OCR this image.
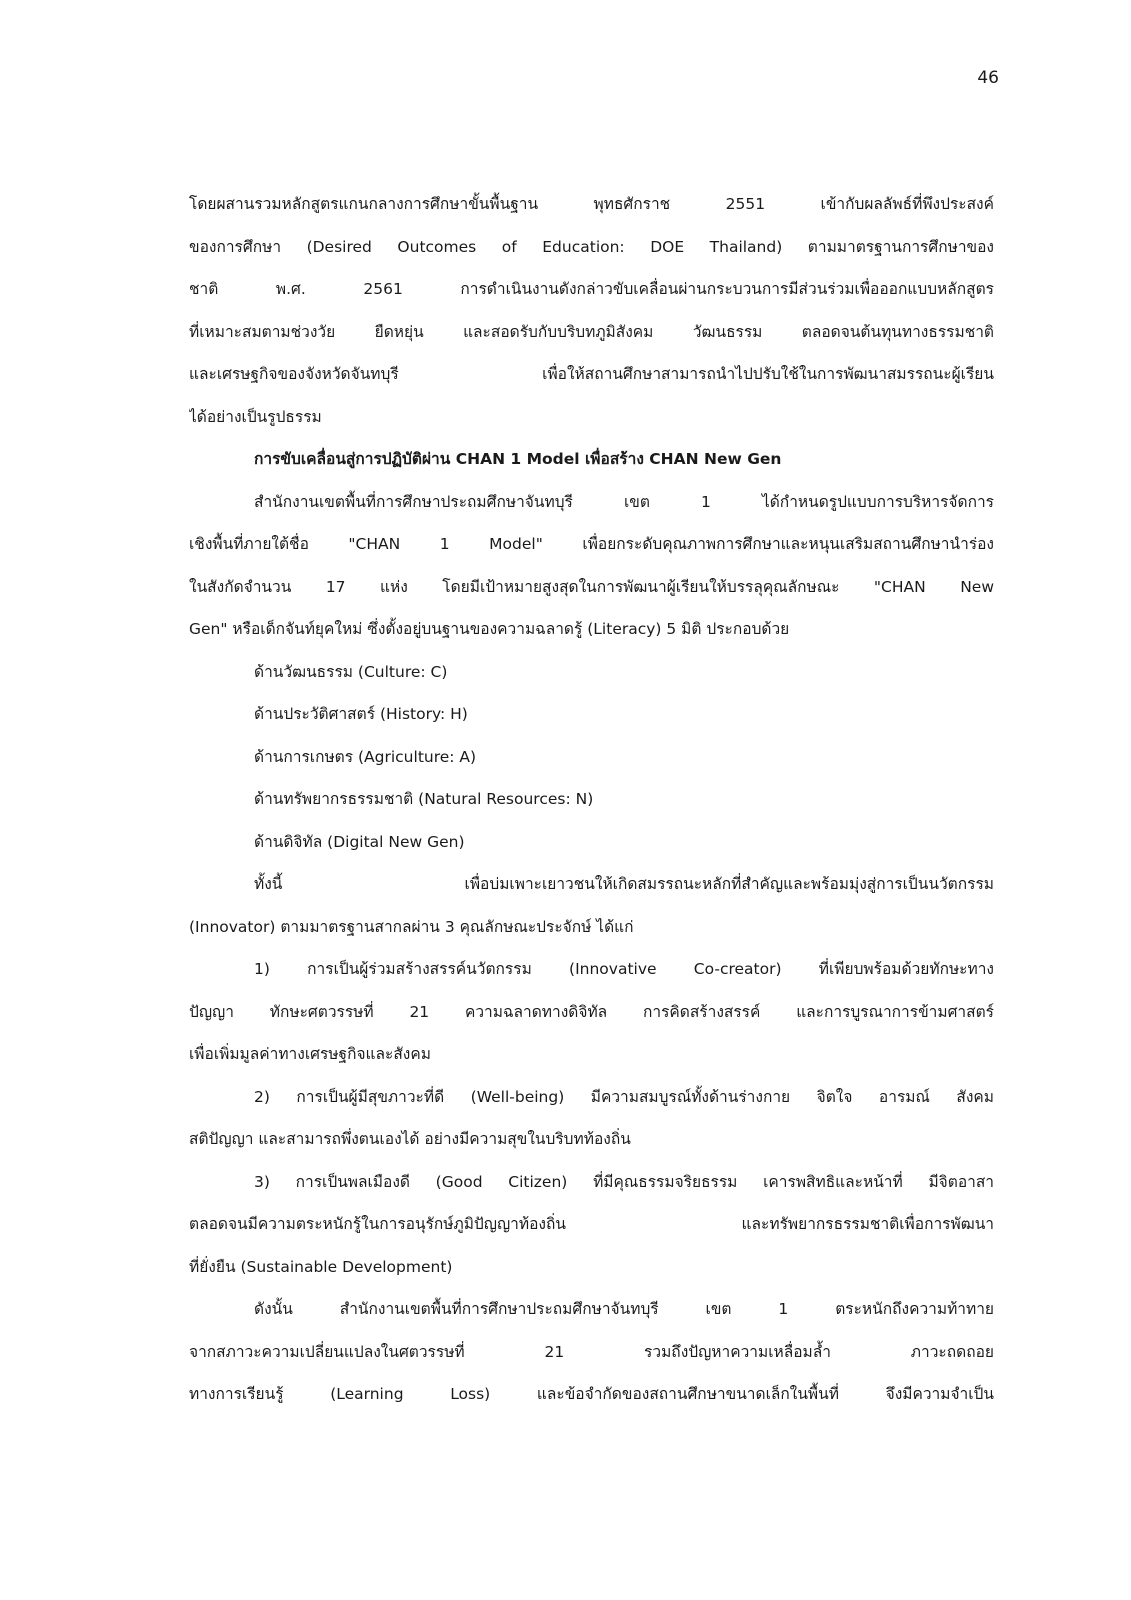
46
โดยผสานรวมหลักสูตรแกนกลางการศึกษาขั้นพื้นฐาน พุทธศักราช 2551 เข้ากับผลลัพธ์ที่พึงประสงค์
ของการศึกษา (Desired Outcomes of Education: DOE Thailand) ตามมาตรฐานการศึกษาของ
ชาติ พ.ศ. 2561 การดำเนินงานดังกล่าวขับเคลื่อนผ่านกระบวนการมีส่วนร่วมเพื่อออกแบบหลักสูตร
ที่เหมาะสมตามช่วงวัย ยืดหยุ่น และสอดรับกับบริบทภูมิสังคม วัฒนธรรม ตลอดจนต้นทุนทางธรรมชาติ
และเศรษฐกิจของจังหวัดจันทบุรี เพื่อให้สถานศึกษาสามารถนำไปปรับใช้ในการพัฒนาสมรรถนะผู้เรียน
ได้อย่างเป็นรูปธรรม
การขับเคลื่อนสู่การปฏิบัติผ่าน CHAN 1 Model เพื่อสร้าง CHAN New Gen
สำนักงานเขตพื้นที่การศึกษาประถมศึกษาจันทบุรี เขต 1 ได้กำหนดรูปแบบการบริหารจัดการ
เชิงพื้นที่ภายใต้ชื่อ "CHAN 1 Model" เพื่อยกระดับคุณภาพการศึกษาและหนุนเสริมสถานศึกษานำร่อง
ในสังกัดจำนวน 17 แห่ง โดยมีเป้าหมายสูงสุดในการพัฒนาผู้เรียนให้บรรลุคุณลักษณะ "CHAN New
Gen" หรือเด็กจันท์ยุคใหม่ ซึ่งตั้งอยู่บนฐานของความฉลาดรู้ (Literacy) 5 มิติ ประกอบด้วย
ด้านวัฒนธรรม (Culture: C)
ด้านประวัติศาสตร์ (History: H)
ด้านการเกษตร (Agriculture: A)
ด้านทรัพยากรธรรมชาติ (Natural Resources: N)
ด้านดิจิทัล (Digital New Gen)
ทั้งนี้ เพื่อบ่มเพาะเยาวชนให้เกิดสมรรถนะหลักที่สำคัญและพร้อมมุ่งสู่การเป็นนวัตกรรม
(Innovator) ตามมาตรฐานสากลผ่าน 3 คุณลักษณะประจักษ์ ได้แก่
1) การเป็นผู้ร่วมสร้างสรรค์นวัตกรรม (Innovative Co-creator) ที่เพียบพร้อมด้วยทักษะทาง
ปัญญา ทักษะศตวรรษที่ 21 ความฉลาดทางดิจิทัล การคิดสร้างสรรค์ และการบูรณาการข้ามศาสตร์
เพื่อเพิ่มมูลค่าทางเศรษฐกิจและสังคม
2) การเป็นผู้มีสุขภาวะที่ดี (Well-being) มีความสมบูรณ์ทั้งด้านร่างกาย จิตใจ อารมณ์ สังคม
สติปัญญา และสามารถพึ่งตนเองได้ อย่างมีความสุขในบริบทท้องถิ่น
3) การเป็นพลเมืองดี (Good Citizen) ที่มีคุณธรรมจริยธรรม เคารพสิทธิและหน้าที่ มีจิตอาสา
ตลอดจนมีความตระหนักรู้ในการอนุรักษ์ภูมิปัญญาท้องถิ่น และทรัพยากรธรรมชาติเพื่อการพัฒนา
ที่ยั่งยืน (Sustainable Development)
ดังนั้น สำนักงานเขตพื้นที่การศึกษาประถมศึกษาจันทบุรี เขต 1 ตระหนักถึงความท้าทาย
จากสภาวะความเปลี่ยนแปลงในศตวรรษที่ 21 รวมถึงปัญหาความเหลื่อมล้ำ ภาวะถดถอย
ทางการเรียนรู้ (Learning Loss) และข้อจำกัดของสถานศึกษาขนาดเล็กในพื้นที่ จึงมีความจำเป็น
